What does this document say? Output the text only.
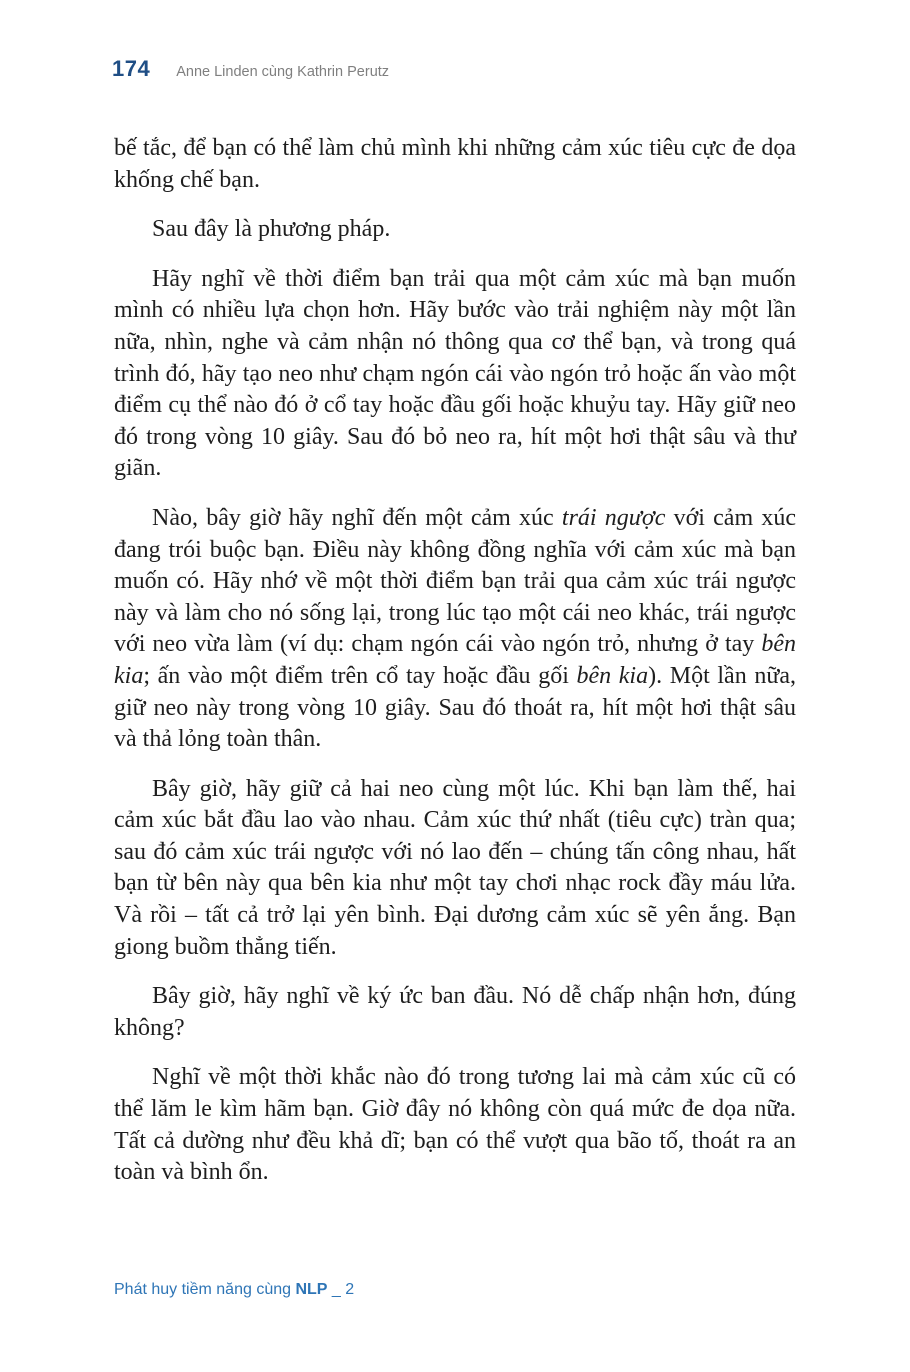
174 Anne Linden cùng Kathrin Perutz

bế tắc, để bạn có thể làm chủ mình khi những cảm xúc tiêu cực đe dọa khống chế bạn.

Sau đây là phương pháp.

Hãy nghĩ về thời điểm bạn trải qua một cảm xúc mà bạn muốn mình có nhiều lựa chọn hơn. Hãy bước vào trải nghiệm này một lần nữa, nhìn, nghe và cảm nhận nó thông qua cơ thể bạn, và trong quá trình đó, hãy tạo neo như chạm ngón cái vào ngón trỏ hoặc ấn vào một điểm cụ thể nào đó ở cổ tay hoặc đầu gối hoặc khuỷu tay. Hãy giữ neo đó trong vòng 10 giây. Sau đó bỏ neo ra, hít một hơi thật sâu và thư giãn.

Nào, bây giờ hãy nghĩ đến một cảm xúc trái ngược với cảm xúc đang trói buộc bạn. Điều này không đồng nghĩa với cảm xúc mà bạn muốn có. Hãy nhớ về một thời điểm bạn trải qua cảm xúc trái ngược này và làm cho nó sống lại, trong lúc tạo một cái neo khác, trái ngược với neo vừa làm (ví dụ: chạm ngón cái vào ngón trỏ, nhưng ở tay bên kia; ấn vào một điểm trên cổ tay hoặc đầu gối bên kia). Một lần nữa, giữ neo này trong vòng 10 giây. Sau đó thoát ra, hít một hơi thật sâu và thả lỏng toàn thân.

Bây giờ, hãy giữ cả hai neo cùng một lúc. Khi bạn làm thế, hai cảm xúc bắt đầu lao vào nhau. Cảm xúc thứ nhất (tiêu cực) tràn qua; sau đó cảm xúc trái ngược với nó lao đến – chúng tấn công nhau, hất bạn từ bên này qua bên kia như một tay chơi nhạc rock đầy máu lửa. Và rồi – tất cả trở lại yên bình. Đại dương cảm xúc sẽ yên ắng. Bạn giong buồm thẳng tiến.

Bây giờ, hãy nghĩ về ký ức ban đầu. Nó dễ chấp nhận hơn, đúng không?

Nghĩ về một thời khắc nào đó trong tương lai mà cảm xúc cũ có thể lăm le kìm hãm bạn. Giờ đây nó không còn quá mức đe dọa nữa. Tất cả dường như đều khả dĩ; bạn có thể vượt qua bão tố, thoát ra an toàn và bình ổn.

Phát huy tiềm năng cùng NLP _ 2
